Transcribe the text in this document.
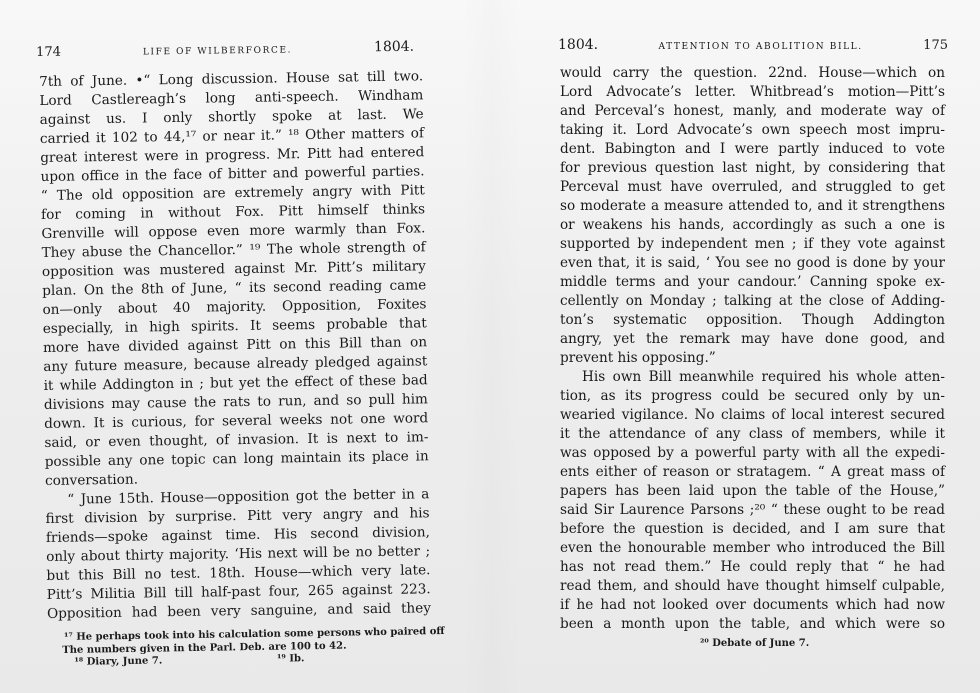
174	LIFE OF WILBERFORCE.	1804.
7th of June. •“ Long discussion. House sat till two.
Lord Castlereagh’s long anti-speech. Windham
against us. I only shortly spoke at last. We
carried it 102 to 44,¹⁷ or near it.” ¹⁸ Other matters of
great interest were in progress. Mr. Pitt had entered
upon office in the face of bitter and powerful parties.
“ The old opposition are extremely angry with Pitt
for coming in without Fox. Pitt himself thinks
Grenville will oppose even more warmly than Fox.
They abuse the Chancellor.” ¹⁹ The whole strength of
opposition was mustered against Mr. Pitt’s military
plan. On the 8th of June, “ its second reading came
on—only about 40 majority. Opposition, Foxites
especially, in high spirits. It seems probable that
more have divided against Pitt on this Bill than on
any future measure, because already pledged against
it while Addington in ; but yet the effect of these bad
divisions may cause the rats to run, and so pull him
down. It is curious, for several weeks not one word
said, or even thought, of invasion. It is next to im-
possible any one topic can long maintain its place in
conversation.
“ June 15th. House—opposition got the better in a
first division by surprise. Pitt very angry and his
friends—spoke against time. His second division,
only about thirty majority. ‘His next will be no better ;
but this Bill no test. 18th. House—which very late.
Pitt’s Militia Bill till half-past four, 265 against 223.
Opposition had been very sanguine, and said they
¹⁷ He perhaps took into his calculation some persons who paired off
The numbers given in the Parl. Deb. are 100 to 42.
¹⁸ Diary, June 7.	¹⁹ Ib.
1804.	ATTENTION TO ABOLITION BILL.	175
would carry the question. 22nd. House—which on
Lord Advocate’s letter. Whitbread’s motion—Pitt’s
and Perceval’s honest, manly, and moderate way of
taking it. Lord Advocate’s own speech most impru-
dent. Babington and I were partly induced to vote
for previous question last night, by considering that
Perceval must have overruled, and struggled to get
so moderate a measure attended to, and it strengthens
or weakens his hands, accordingly as such a one is
supported by independent men ; if they vote against
even that, it is said, ‘ You see no good is done by your
middle terms and your candour.’ Canning spoke ex-
cellently on Monday ; talking at the close of Adding-
ton’s systematic opposition. Though Addington
angry, yet the remark may have done good, and
prevent his opposing.”
His own Bill meanwhile required his whole atten-
tion, as its progress could be secured only by un-
wearied vigilance. No claims of local interest secured
it the attendance of any class of members, while it
was opposed by a powerful party with all the expedi-
ents either of reason or stratagem. “ A great mass of
papers has been laid upon the table of the House,”
said Sir Laurence Parsons ;²⁰ “ these ought to be read
before the question is decided, and I am sure that
even the honourable member who introduced the Bill
has not read them.” He could reply that “ he had
read them, and should have thought himself culpable,
if he had not looked over documents which had now
been a month upon the table, and which were so
²⁰ Debate of June 7.
